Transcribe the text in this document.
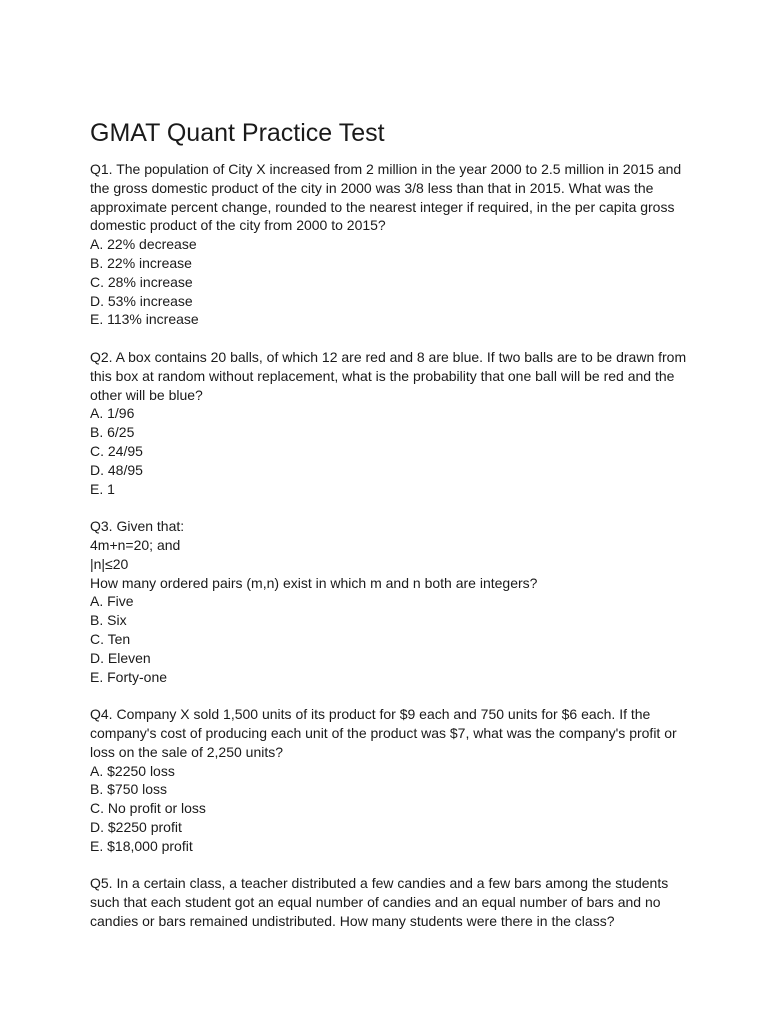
GMAT Quant Practice Test

Q1. The population of City X increased from 2 million in the year 2000 to 2.5 million in 2015 and the gross domestic product of the city in 2000 was 3/8 less than that in 2015. What was the approximate percent change, rounded to the nearest integer if required, in the per capita gross domestic product of the city from 2000 to 2015?

A. 22% decrease
B. 22% increase
C. 28% increase
D. 53% increase
E. 113% increase

Q2. A box contains 20 balls, of which 12 are red and 8 are blue. If two balls are to be drawn from this box at random without replacement, what is the probability that one ball will be red and the other will be blue?

A. 1/96
B. 6/25
C. 24/95
D. 48/95
E. 1

Q3. Given that:

4m+n=20; and
|n|≤20
How many ordered pairs (m,n) exist in which m and n both are integers?
A. Five
B. Six
C. Ten
D. Eleven
E. Forty-one

Q4. Company X sold 1,500 units of its product for $9 each and 750 units for $6 each. If the company's cost of producing each unit of the product was $7, what was the company's profit or loss on the sale of 2,250 units?

A. $2250 loss
B. $750 loss
C. No profit or loss
D. $2250 profit
E. $18,000 profit

Q5. In a certain class, a teacher distributed a few candies and a few bars among the students such that each student got an equal number of candies and an equal number of bars and no candies or bars remained undistributed. How many students were there in the class?
